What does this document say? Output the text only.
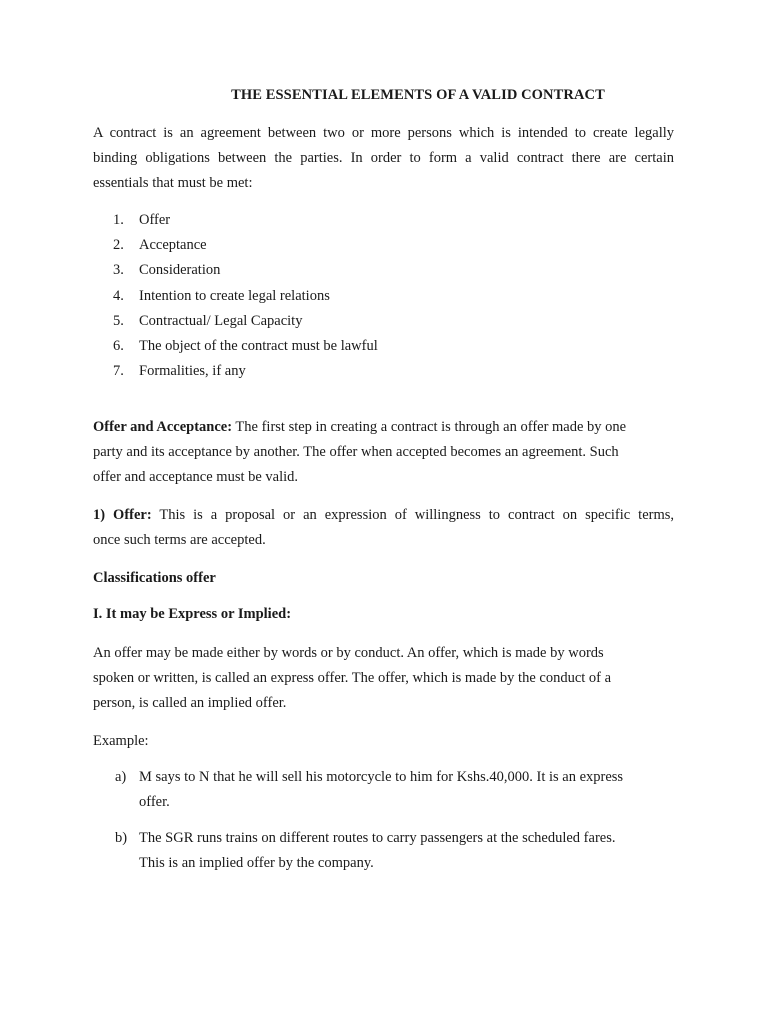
THE ESSENTIAL ELEMENTS OF A VALID CONTRACT
A contract is an agreement between two or more persons which is intended to create legally
binding obligations between the parties. In order to form a valid contract there are certain
essentials that must be met:
1.	Offer
2.	Acceptance
3.	Consideration
4.	Intention to create legal relations
5.	Contractual/ Legal Capacity
6.	The object of the contract must be lawful
7.	Formalities, if any
Offer and Acceptance: The first step in creating a contract is through an offer made by one
party and its acceptance by another. The offer when accepted becomes an agreement. Such
offer and acceptance must be valid.
1) Offer: This is a proposal or an expression of willingness to contract on specific terms,
once such terms are accepted.
Classifications offer
I. It may be Express or Implied:
An offer may be made either by words or by conduct. An offer, which is made by words
spoken or written, is called an express offer. The offer, which is made by the conduct of a
person, is called an implied offer.
Example:
a) M says to N that he will sell his motorcycle to him for Kshs.40,000. It is an express
offer.
b) The SGR runs trains on different routes to carry passengers at the scheduled fares.
This is an implied offer by the company.
